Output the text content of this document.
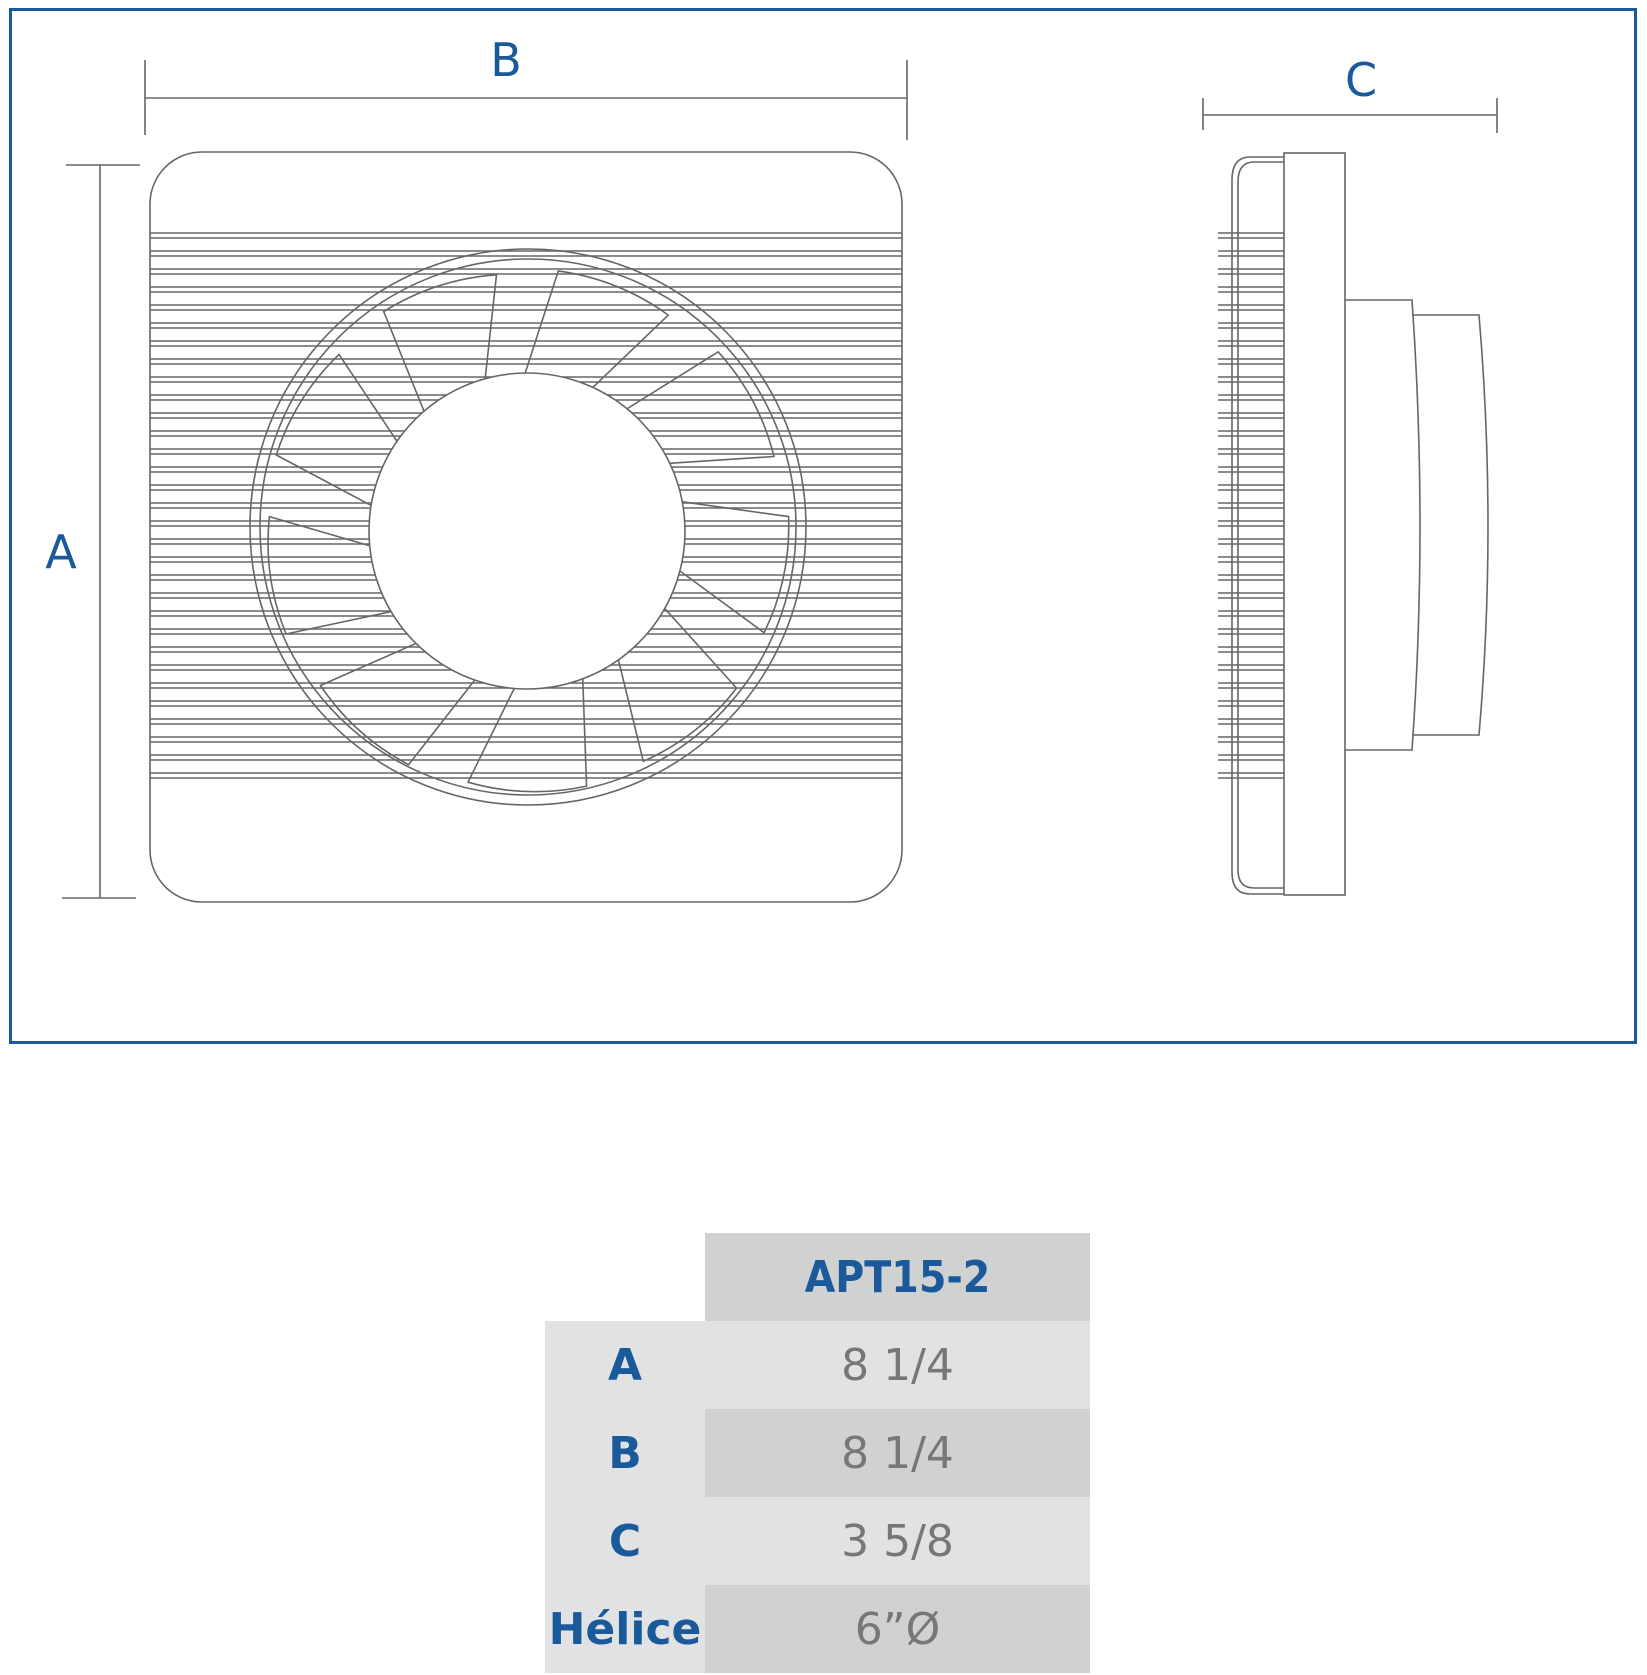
B
A
C
	APT15-2
A	8 1/4
B	8 1/4
C	3 5/8
Hélice	6”Ø
